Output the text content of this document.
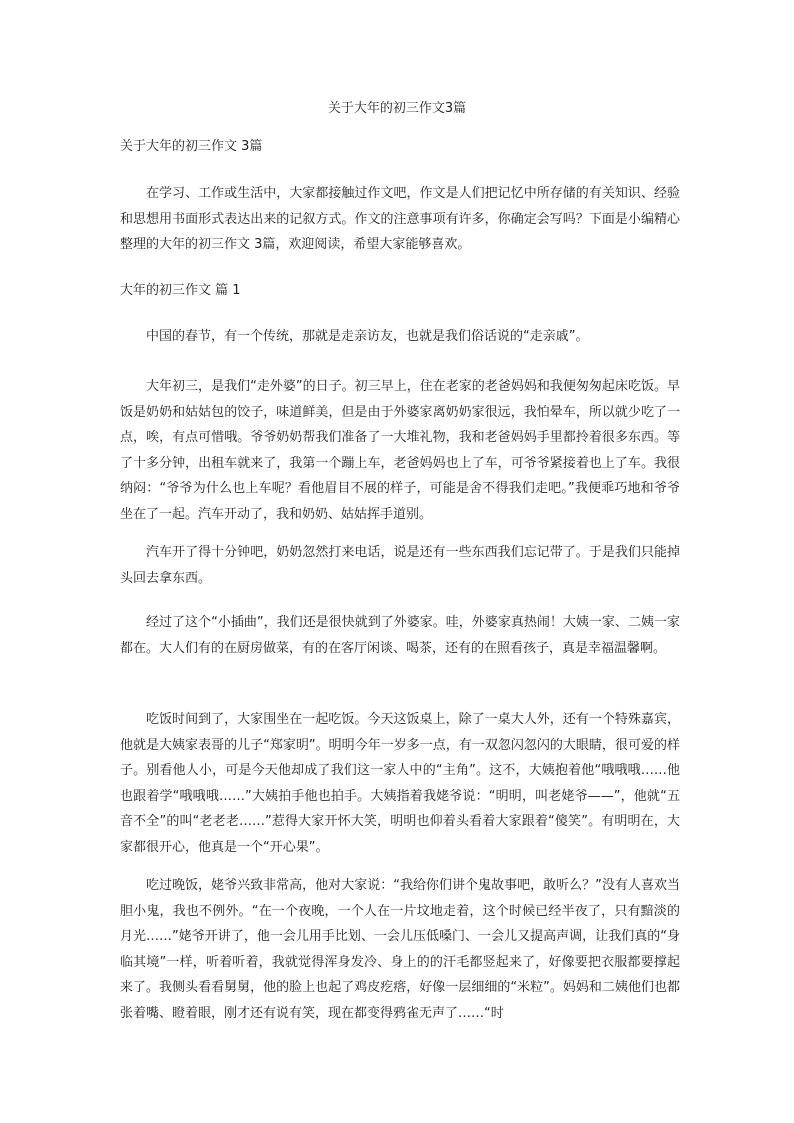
关于大年的初三作文3篇
关于大年的初三作文 3篇

在学习、工作或生活中，大家都接触过作文吧，作文是人们把记忆中所存储的有关知识、经验和思想用书面形式表达出来的记叙方式。作文的注意事项有许多，你确定会写吗？下面是小编精心整理的大年的初三作文 3篇，欢迎阅读，希望大家能够喜欢。

大年的初三作文 篇 1

中国的春节，有一个传统，那就是走亲访友，也就是我们俗话说的“走亲戚”。

大年初三，是我们“走外婆”的日子。初三早上，住在老家的老爸妈妈和我便匆匆起床吃饭。早饭是奶奶和姑姑包的饺子，味道鲜美，但是由于外婆家离奶奶家很远，我怕晕车，所以就少吃了一点，唉，有点可惜哦。爷爷奶奶帮我们准备了一大堆礼物，我和老爸妈妈手里都拎着很多东西。等了十多分钟，出租车就来了，我第一个蹦上车，老爸妈妈也上了车，可爷爷紧接着也上了车。我很纳闷：“爷爷为什么也上车呢？看他眉目不展的样子，可能是舍不得我们走吧。”我便乖巧地和爷爷坐在了一起。汽车开动了，我和奶奶、姑姑挥手道别。

汽车开了得十分钟吧，奶奶忽然打来电话，说是还有一些东西我们忘记带了。于是我们只能掉头回去拿东西。

经过了这个“小插曲”，我们还是很快就到了外婆家。哇，外婆家真热闹！大姨一家、二姨一家都在。大人们有的在厨房做菜，有的在客厅闲谈、喝茶，还有的在照看孩子，真是幸福温馨啊。

吃饭时间到了，大家围坐在一起吃饭。今天这饭桌上，除了一桌大人外，还有一个特殊嘉宾，他就是大姨家表哥的儿子“郑家明”。明明今年一岁多一点，有一双忽闪忽闪的大眼睛，很可爱的样子。别看他人小，可是今天他却成了我们这一家人中的“主角”。这不，大姨抱着他“哦哦哦……他也跟着学“哦哦哦……”大姨拍手他也拍手。大姨指着我姥爷说：“明明，叫老姥爷——”，他就“五音不全”的叫“老老老……”惹得大家开怀大笑，明明也仰着头看着大家跟着“傻笑”。有明明在，大家都很开心，他真是一个“开心果”。

吃过晚饭，姥爷兴致非常高，他对大家说：“我给你们讲个鬼故事吧，敢听么？”没有人喜欢当胆小鬼，我也不例外。“在一个夜晚，一个人在一片坟地走着，这个时候已经半夜了，只有黯淡的月光……”姥爷开讲了，他一会儿用手比划、一会儿压低嗓门、一会儿又提高声调，让我们真的“身临其境”一样，听着听着，我就觉得浑身发冷、身上的的汗毛都竖起来了，好像要把衣服都要撑起来了。我侧头看看舅舅，他的脸上也起了鸡皮疙瘩，好像一层细细的“米粒”。妈妈和二姨他们也都张着嘴、瞪着眼，刚才还有说有笑，现在都变得鸦雀无声了……“时
